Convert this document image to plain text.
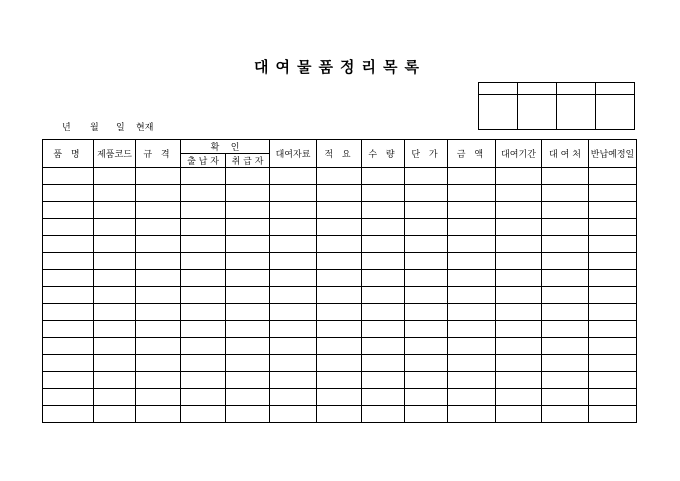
대여물품정리목록

년 월 일 현재
품 명	제품코드	규 격	확    인		대여자료	적 요	수 량	단 가	금 액	대여기간	대 여 처	반납예정일
			출 납 자	취 급 자								
